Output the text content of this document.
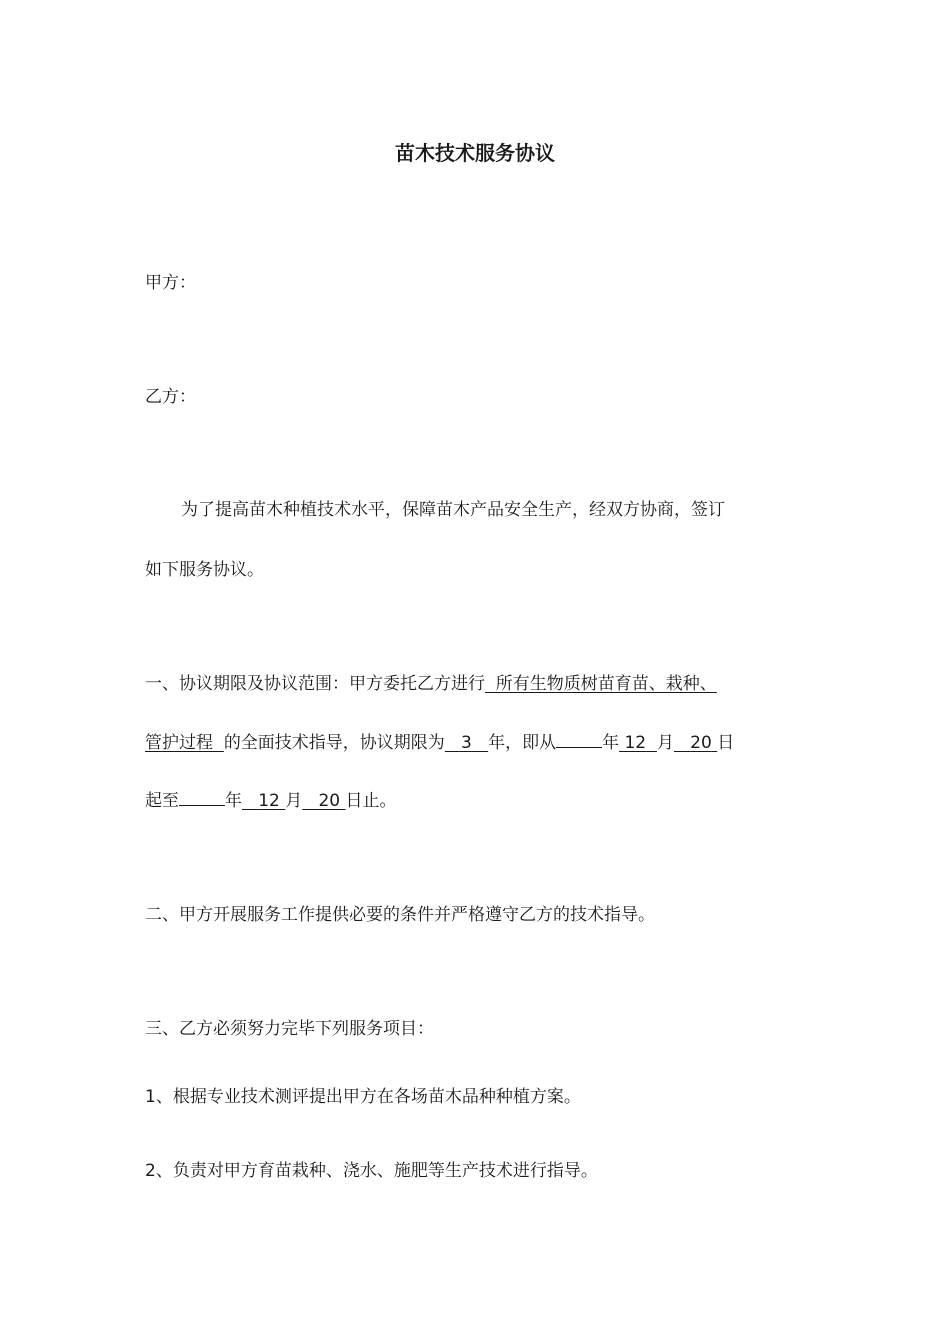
苗木技术服务协议
甲方：
乙方：
为了提高苗木种植技术水平，保障苗木产品安全生产，经双方协商，签订
如下服务协议。
一、协议期限及协议范围：甲方委托乙方进行  所有生物质树苗育苗、栽种、
管护过程 的全面技术指导，协议期限为 3 年，即从	年 12 月 20 日
起至	年 12 月 20 日止。
二、甲方开展服务工作提供必要的条件并严格遵守乙方的技术指导。
三、乙方必须努力完毕下列服务项目：
1、根据专业技术测评提出甲方在各场苗木品种种植方案。
2、负责对甲方育苗栽种、浇水、施肥等生产技术进行指导。
